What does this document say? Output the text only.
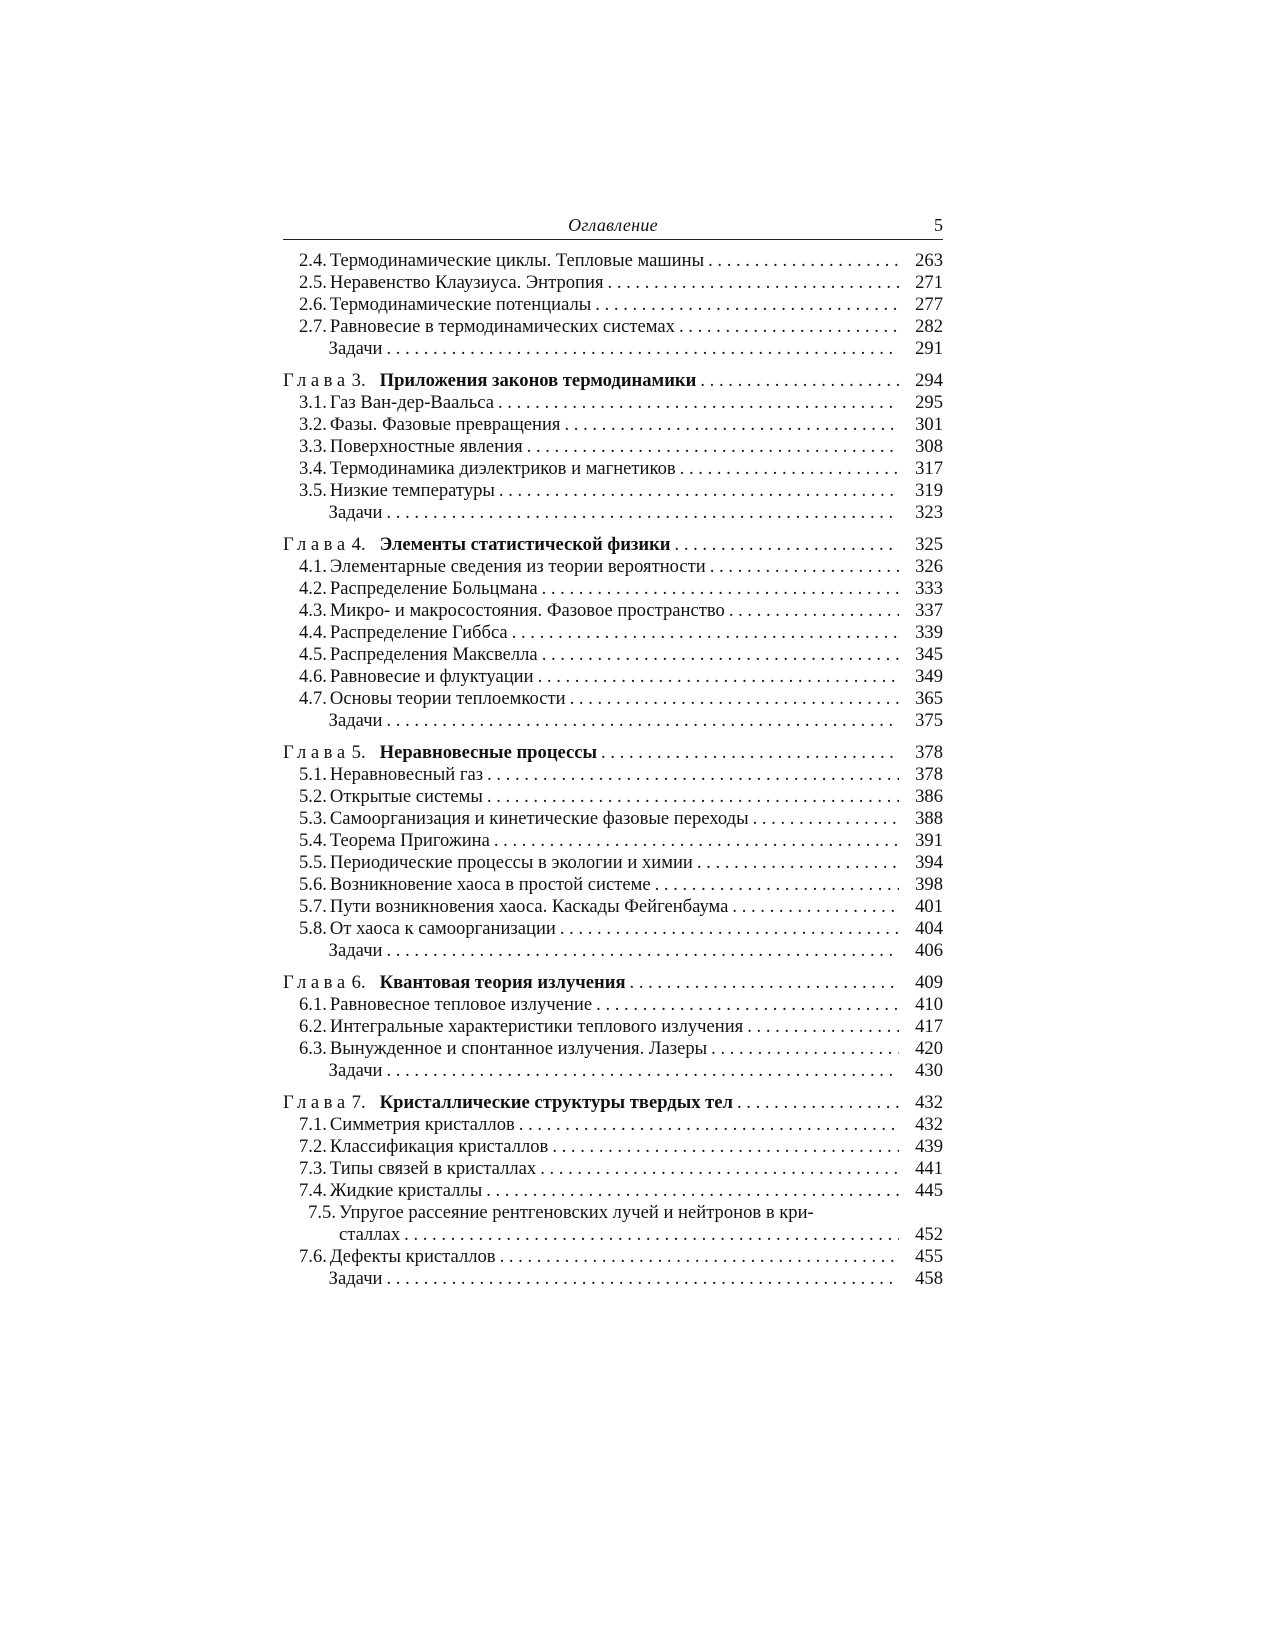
Оглавление	5
2.4. Термодинамические циклы. Тепловые машины . . .	263
2.5. Неравенство Клаузиуса. Энтропия . . .	271
2.6. Термодинамические потенциалы . . .	277
2.7. Равновесие в термодинамических системах . . .	282
Задачи . . .	291
Глава 3. Приложения законов термодинамики . . .	294
3.1. Газ Ван-дер-Ваальса . . .	295
3.2. Фазы. Фазовые превращения . . .	301
3.3. Поверхностные явления . . .	308
3.4. Термодинамика диэлектриков и магнетиков . . .	317
3.5. Низкие температуры . . .	319
Задачи . . .	323
Глава 4. Элементы статистической физики . . .	325
4.1. Элементарные сведения из теории вероятности . . .	326
4.2. Распределение Больцмана . . .	333
4.3. Микро- и макросостояния. Фазовое пространство . . .	337
4.4. Распределение Гиббса . . .	339
4.5. Распределения Максвелла . . .	345
4.6. Равновесие и флуктуации . . .	349
4.7. Основы теории теплоемкости . . .	365
Задачи . . .	375
Глава 5. Неравновесные процессы . . .	378
5.1. Неравновесный газ . . .	378
5.2. Открытые системы . . .	386
5.3. Самоорганизация и кинетические фазовые переходы . . .	388
5.4. Теорема Пригожина . . .	391
5.5. Периодические процессы в экологии и химии . . .	394
5.6. Возникновение хаоса в простой системе . . .	398
5.7. Пути возникновения хаоса. Каскады Фейгенбаума . . .	401
5.8. От хаоса к самоорганизации . . .	404
Задачи . . .	406
Глава 6. Квантовая теория излучения . . .	409
6.1. Равновесное тепловое излучение . . .	410
6.2. Интегральные характеристики теплового излучения . . .	417
6.3. Вынужденное и спонтанное излучения. Лазеры . . .	420
Задачи . . .	430
Глава 7. Кристаллические структуры твердых тел . . .	432
7.1. Симметрия кристаллов . . .	432
7.2. Классификация кристаллов . . .	439
7.3. Типы связей в кристаллах . . .	441
7.4. Жидкие кристаллы . . .	445
7.5. Упругое рассеяние рентгеновских лучей и нейтронов в кри-
сталлах . . .	452
7.6. Дефекты кристаллов . . .	455
Задачи . . .	458
